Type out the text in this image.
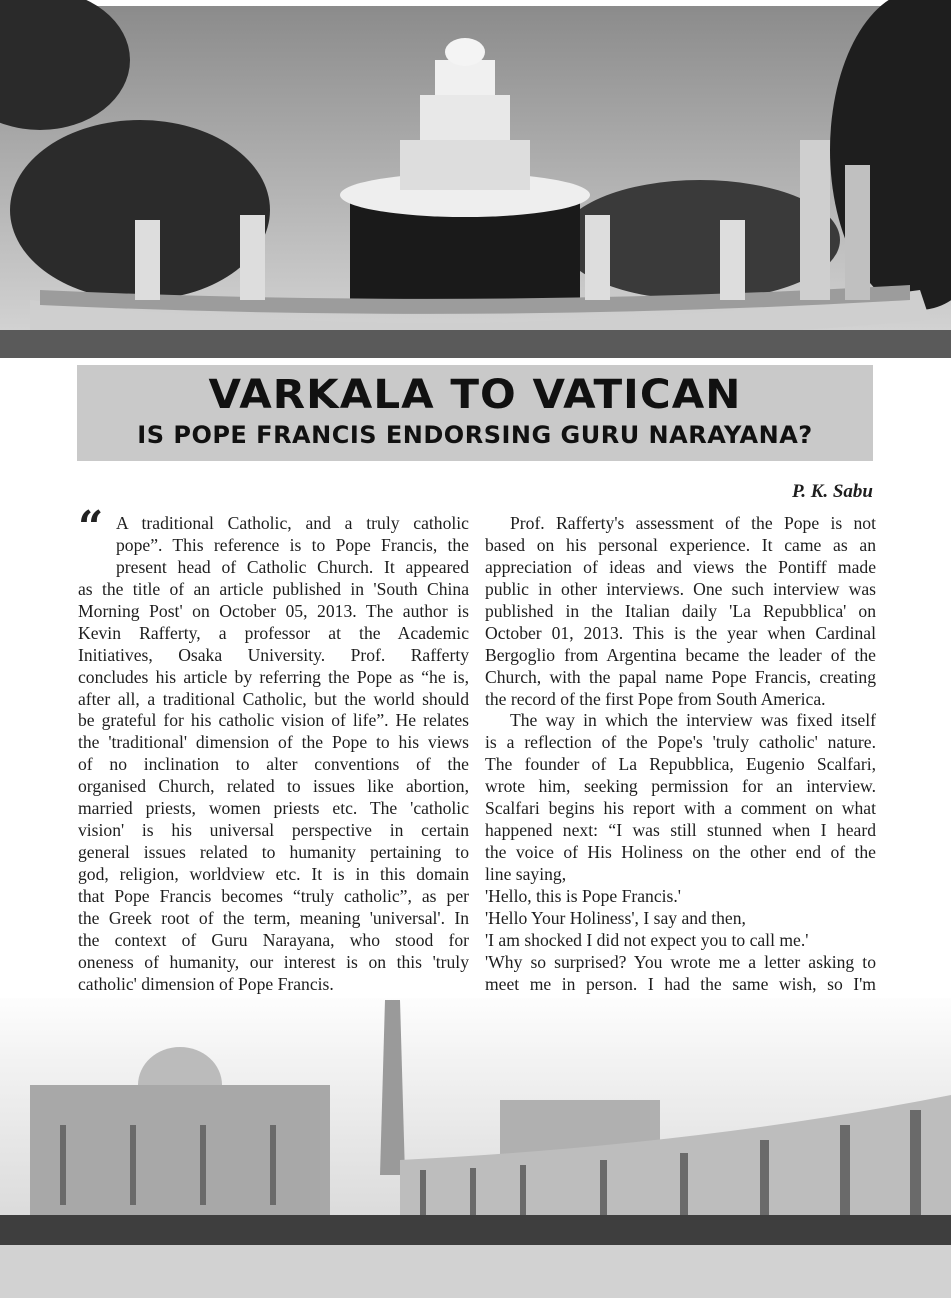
VARKALA TO VATICAN
IS POPE FRANCIS ENDORSING GURU NARAYANA?
P. K. Sabu
“	A traditional Catholic, and a truly catholic
pope”. This reference is to Pope Francis, the
present head of Catholic Church. It appeared
as the title of an article published in 'South China
Morning Post' on October 05, 2013. The author is
Kevin Rafferty, a professor at the Academic
Initiatives, Osaka University. Prof. Rafferty
concludes his article by referring the Pope as “he is,
after all, a traditional Catholic, but the world should
be grateful for his catholic vision of life”. He relates
the 'traditional' dimension of the Pope to his views
of no inclination to alter conventions of the
organised Church, related to issues like abortion,
married priests, women priests etc. The 'catholic
vision' is his universal perspective in certain
general issues related to humanity pertaining to
god, religion, worldview etc. It is in this domain
that Pope Francis becomes “truly catholic”, as per
the Greek root of the term, meaning 'universal'. In
the context of Guru Narayana, who stood for
oneness of humanity, our interest is on this 'truly
catholic' dimension of Pope Francis.
Prof. Rafferty's assessment of the Pope is not
based on his personal experience. It came as an
appreciation of ideas and views the Pontiff made
public in other interviews. One such interview was
published in the Italian daily 'La Repubblica' on
October 01, 2013. This is the year when Cardinal
Bergoglio from Argentina became the leader of the
Church, with the papal name Pope Francis, creating
the record of the first Pope from South America.
The way in which the interview was fixed itself
is a reflection of the Pope's 'truly catholic' nature.
The founder of La Repubblica, Eugenio Scalfari,
wrote him, seeking permission for an interview.
Scalfari begins his report with a comment on what
happened next: “I was still stunned when I heard
the voice of His Holiness on the other end of the
line saying,
'Hello, this is Pope Francis.'
'Hello Your Holiness', I say and then,
'I am shocked I did not expect you to call me.'
'Why so surprised? You wrote me a letter asking to
meet me in person. I had the same wish, so I'm
